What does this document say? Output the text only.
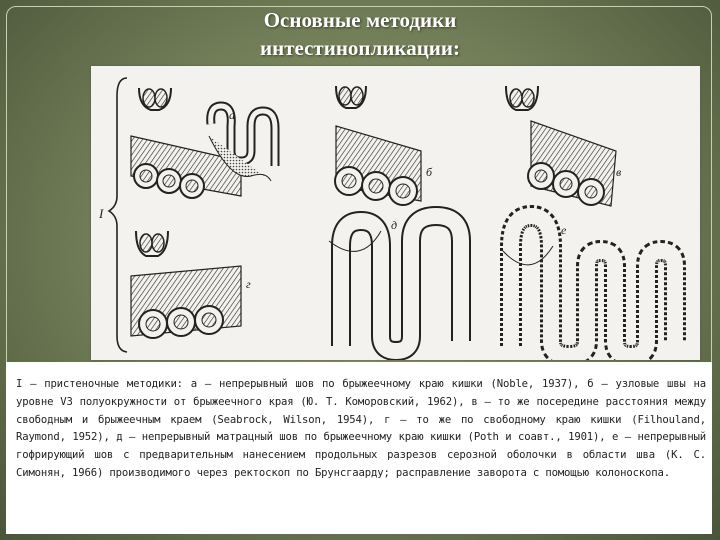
Основные методики
интестинопликации:
I
а
б	в
г
д	е
I — пристеночные методики: а — непрерывный шов по брыжеечному краю кишки (Noble, 1937), б — узловые швы на уровне V3 полуокружности от брыжеечного края (Ю. Т. Коморовский, 1962), в — то же посередине расстояния между свободным и брыжеечным краем (Seabrock, Wilson, 1954), г — то же по свободному краю кишки (Filhouland, Raymond, 1952), д — непрерывный матрацный шов по брыжеечному краю кишки (Poth и соавт., 1901), е — непрерывный гофрирующий шов с предварительным нанесением продольных разрезов серозной оболочки в области шва (К. С. Симонян, 1966) производимого через ректоскоп по Брунсгаарду; расправление заворота с помощью колоноскопа.
